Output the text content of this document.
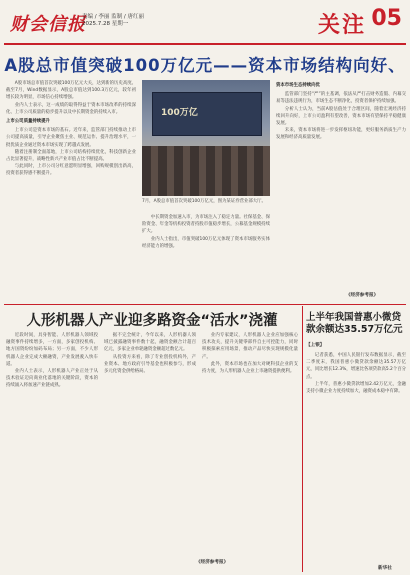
财会信报
责编 / 李丽 监制 / 唐红丽
2025.7.28 星期一	关注 05
A股总市值突破100万亿元——资本市场结构向好、

A股市场总市值首次突破100万亿元大关，达到新的历史高度。截至7月，Wind数据显示，A股总市值达到100.3万亿元，较年初增长较为明显，市场信心持续增强。

业内人士表示，这一成绩的取得得益于资本市场改革的持续深化、上市公司质量的稳步提升以及中长期资金的持续入市。

上市公司质量持续提升

上市公司是资本市场的基石。近年来，监管部门持续推动上市公司提高质量，引导企业聚焦主业、规范运作、提升治理水平，一批优质企业通过资本市场实现了跨越式发展。

随着注册制全面落地，上市公司结构持续优化，科技创新企业占比显著提升，战略性新兴产业市值占比不断提高。

与此同时，上市公司分红意愿明显增强，回购规模创出新高，投资者获得感不断提升。

100万亿
7月，A股总市值首次突破100万亿元，图为某证券营业部大厅。

中长期资金加速入市，为市场注入了稳定力量。社保基金、保险资金、年金等机构投资者持股市值稳步增长，公募基金规模持续扩大。

业内人士指出，市值突破100万亿元体现了资本市场服务实体经济能力的增强。

资本市场生态持续向优

监管部门坚持“严”的主基调，依法从严打击财务造假、内幕交易等违法违规行为，市场生态不断净化，投资者保护持续加强。

分析人士认为，当前A股估值处于合理区间，随着宏观经济持续回升向好，上市公司盈利有望改善，资本市场有望保持平稳健康发展。

未来，资本市场将进一步发挥枢纽功能，更好服务新质生产力发展和经济高质量发展。

《经济参考报》
人形机器人产业迎多路资金“活水”浇灌

近段时间，具身智能、人形机器人领域投融资事件持续增多，一方面，多家创投机构、地方国资纷纷加码布局；另一方面，不少人形机器人企业完成大额融资，产业发展驶入快车道。

业内人士表示，人形机器人产业正处于从技术验证迈向商业化落地的关键阶段，资本的持续涌入将加速产业链成熟。

据不完全统计，今年以来，人形机器人领域已披露融资事件数十起，融资金额合计超百亿元，多家企业单轮融资金额超过数亿元。

从投资方来看，除了专业创投机构外，产业资本、地方政府引导基金也积极参与，形成多元化资金供给格局。

业内专家建议，人形机器人企业应加强核心技术攻关，提升关键零部件自主可控能力，同时积极探索应用场景，推动产品尽快实现规模化量产。

此外，资本市场也在加大对硬科技企业的支持力度，为人形机器人企业上市融资提供便利。

《经济参考报》
上半年我国普惠小微贷款余额达35.57万亿元
【上银】

记者获悉，中国人民银行发布数据显示，截至二季度末，我国普惠小微贷款余额达35.57万亿元，同比增长12.3%，增速比各项贷款高5.2个百分点。

上半年，普惠小微贷款增加2.42万亿元，金融支持小微企业力度持续加大，融资成本稳中有降。

新华社
